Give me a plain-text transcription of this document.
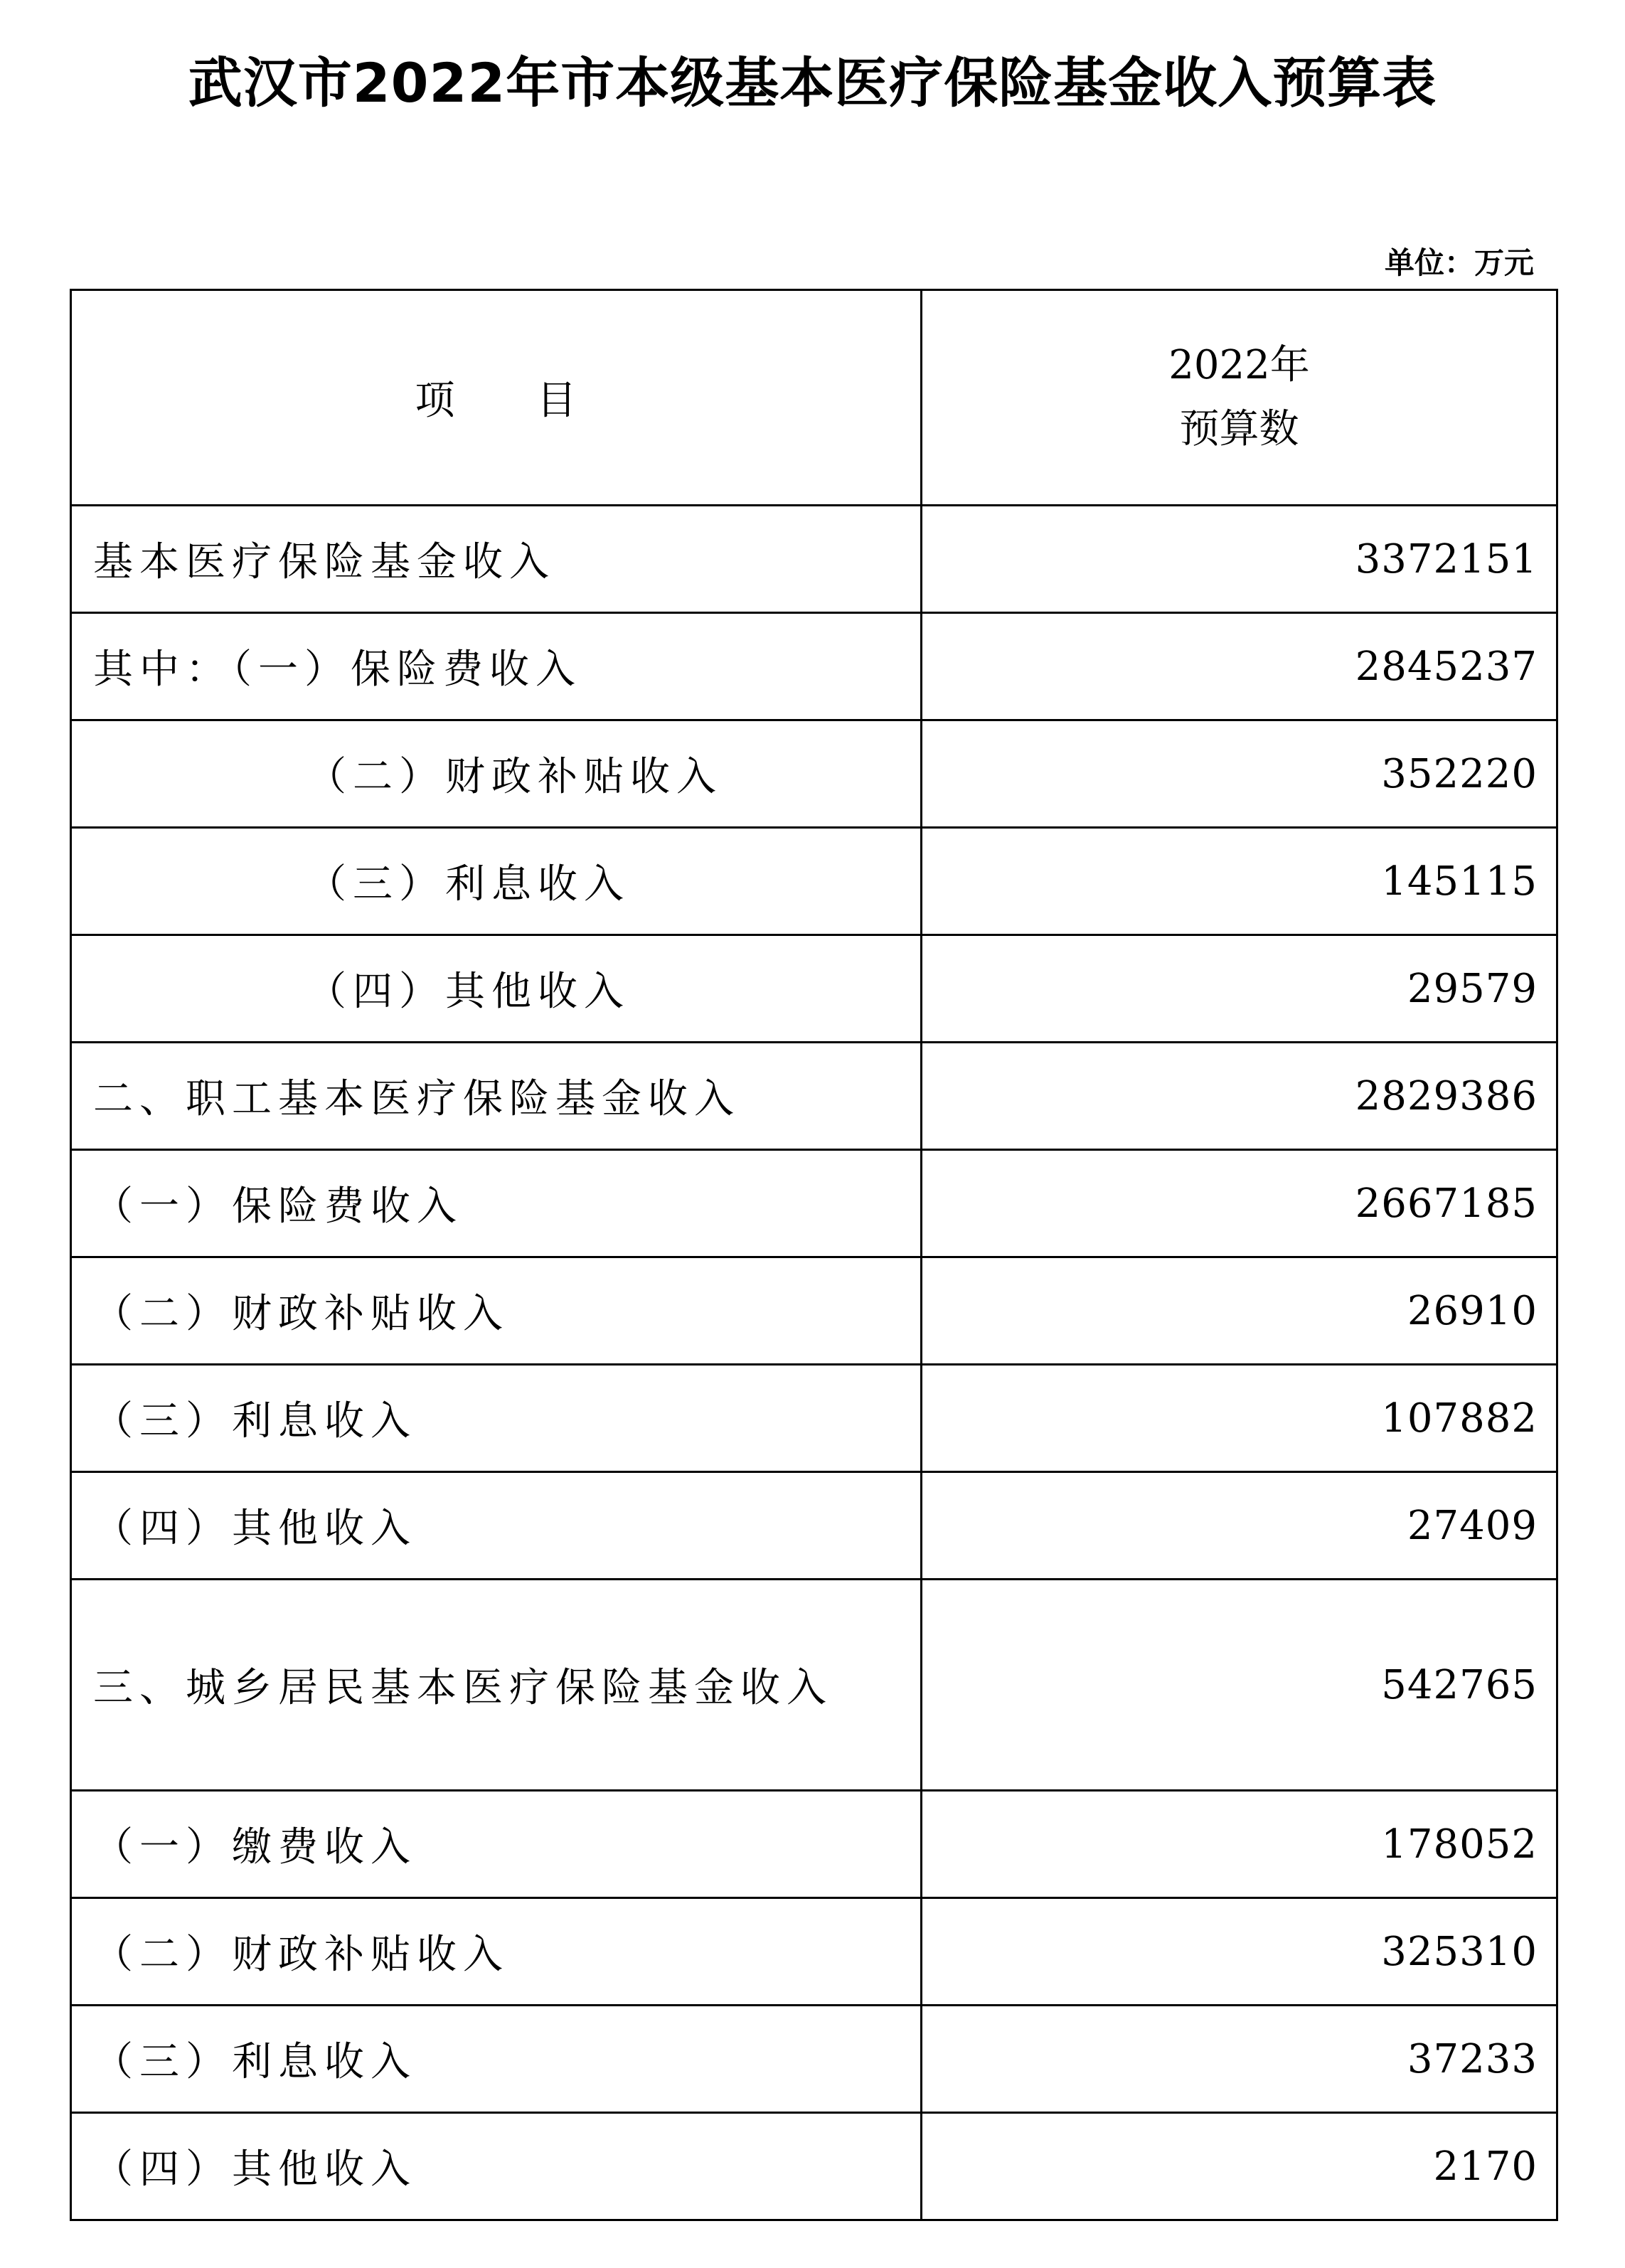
武汉市2022年市本级基本医疗保险基金收入预算表
单位：万元
项　　目	2022年
预算数

基本医疗保险基金收入	3372151
其中：（一）保险费收入	2845237
（二）财政补贴收入	352220
（三）利息收入	145115
（四）其他收入	29579
二、职工基本医疗保险基金收入	2829386
（一）保险费收入	2667185
（二）财政补贴收入	26910
（三）利息收入	107882
（四）其他收入	27409
三、城乡居民基本医疗保险基金收入	542765
（一）缴费收入	178052
（二）财政补贴收入	325310
（三）利息收入	37233
（四）其他收入	2170
